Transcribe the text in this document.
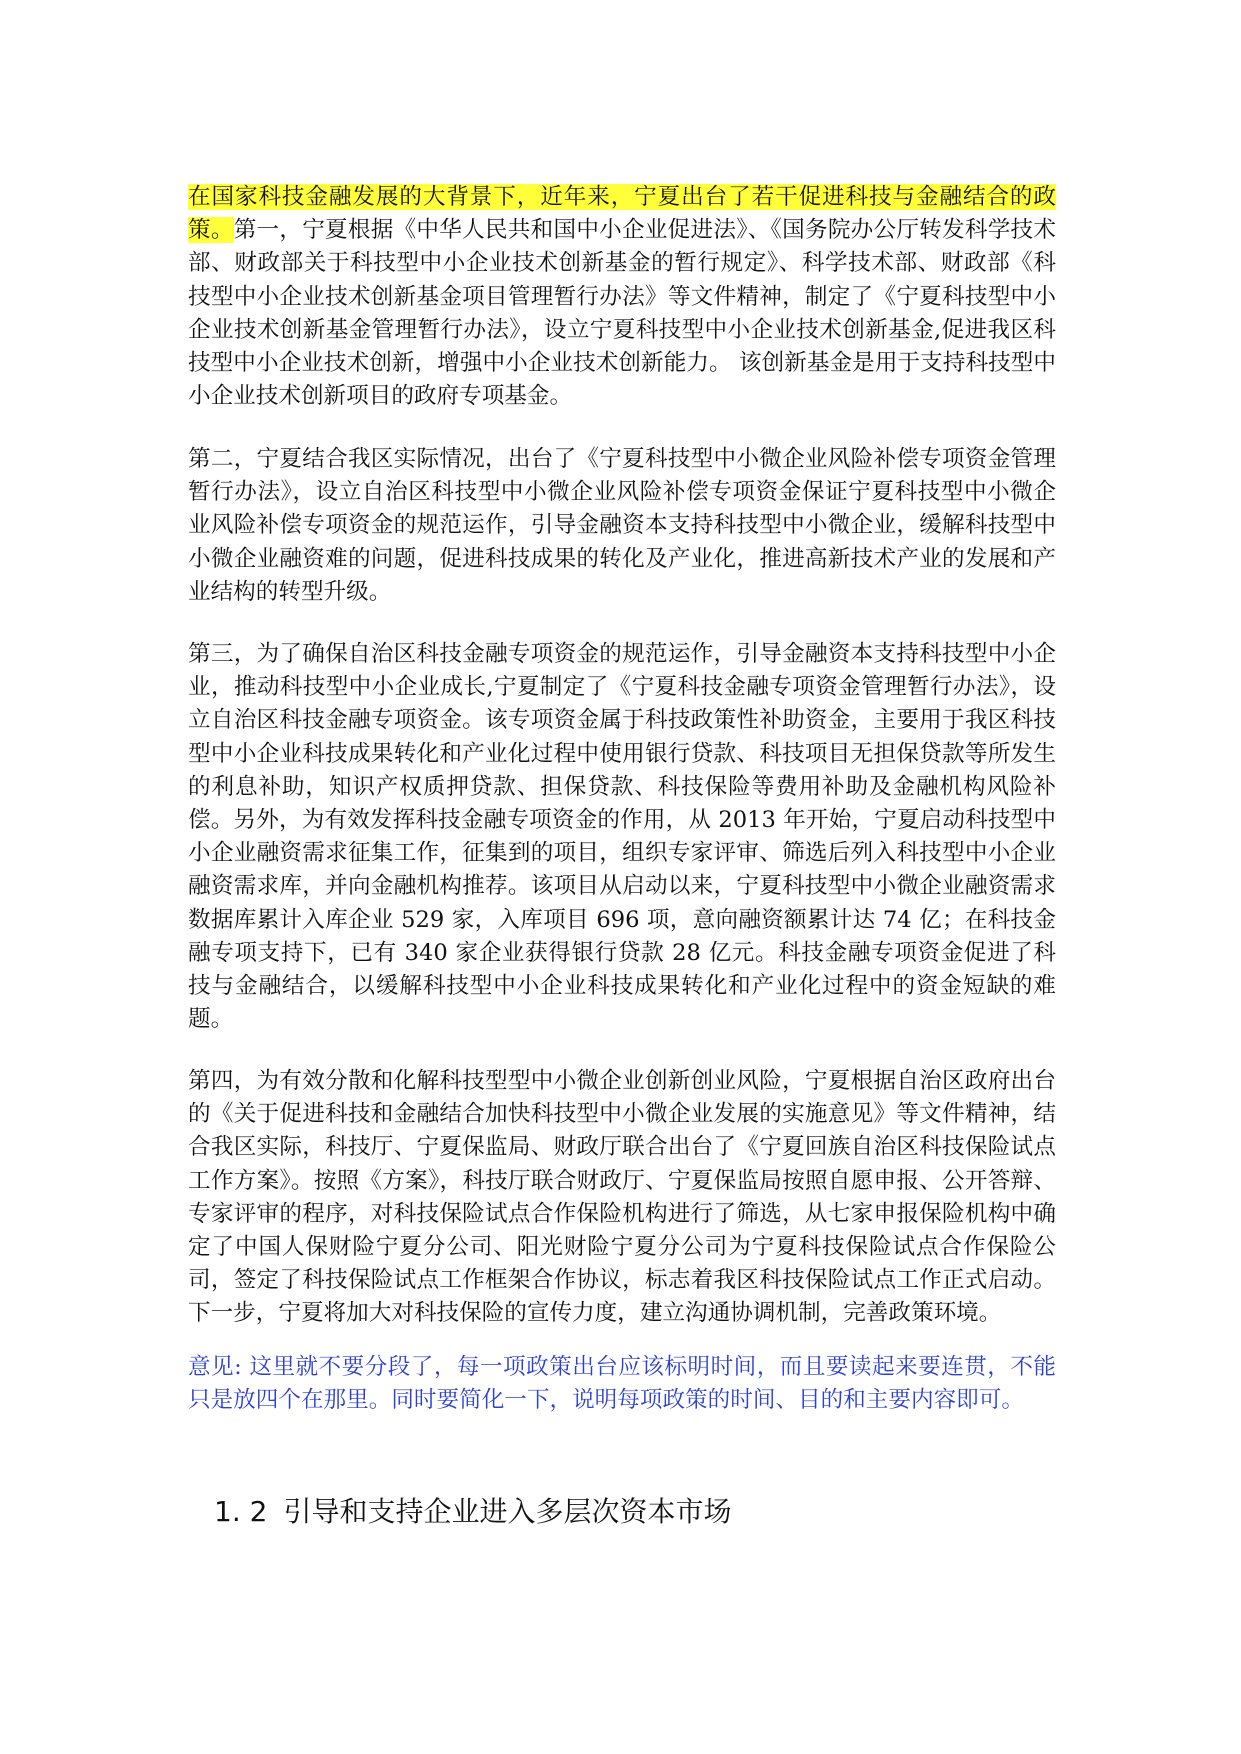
在国家科技金融发展的大背景下，近年来，宁夏出台了若干促进科技与金融结合的政策。第一，宁夏根据《中华人民共和国中小企业促进法》、《国务院办公厅转发科学技术部、财政部关于科技型中小企业技术创新基金的暂行规定》、科学技术部、财政部《科技型中小企业技术创新基金项目管理暂行办法》等文件精神，制定了《宁夏科技型中小企业技术创新基金管理暂行办法》，设立宁夏科技型中小企业技术创新基金,促进我区科技型中小企业技术创新，增强中小企业技术创新能力。 该创新基金是用于支持科技型中小企业技术创新项目的政府专项基金。

第二，宁夏结合我区实际情况，出台了《宁夏科技型中小微企业风险补偿专项资金管理暂行办法》，设立自治区科技型中小微企业风险补偿专项资金保证宁夏科技型中小微企业风险补偿专项资金的规范运作，引导金融资本支持科技型中小微企业，缓解科技型中小微企业融资难的问题，促进科技成果的转化及产业化，推进高新技术产业的发展和产业结构的转型升级。

第三，为了确保自治区科技金融专项资金的规范运作，引导金融资本支持科技型中小企业，推动科技型中小企业成长,宁夏制定了《宁夏科技金融专项资金管理暂行办法》，设立自治区科技金融专项资金。该专项资金属于科技政策性补助资金，主要用于我区科技型中小企业科技成果转化和产业化过程中使用银行贷款、科技项目无担保贷款等所发生的利息补助，知识产权质押贷款、担保贷款、科技保险等费用补助及金融机构风险补偿。另外，为有效发挥科技金融专项资金的作用，从 2013 年开始，宁夏启动科技型中小企业融资需求征集工作，征集到的项目，组织专家评审、筛选后列入科技型中小企业融资需求库，并向金融机构推荐。该项目从启动以来，宁夏科技型中小微企业融资需求数据库累计入库企业 529 家，入库项目 696 项，意向融资额累计达 74 亿；在科技金融专项支持下，已有 340 家企业获得银行贷款 28 亿元。科技金融专项资金促进了科技与金融结合，以缓解科技型中小企业科技成果转化和产业化过程中的资金短缺的难题。

第四，为有效分散和化解科技型型中小微企业创新创业风险，宁夏根据自治区政府出台的《关于促进科技和金融结合加快科技型中小微企业发展的实施意见》等文件精神，结合我区实际，科技厅、宁夏保监局、财政厅联合出台了《宁夏回族自治区科技保险试点工作方案》。按照《方案》，科技厅联合财政厅、宁夏保监局按照自愿申报、公开答辩、专家评审的程序，对科技保险试点合作保险机构进行了筛选，从七家申报保险机构中确定了中国人保财险宁夏分公司、阳光财险宁夏分公司为宁夏科技保险试点合作保险公司，签定了科技保险试点工作框架合作协议，标志着我区科技保险试点工作正式启动。下一步，宁夏将加大对科技保险的宣传力度，建立沟通协调机制，完善政策环境。

意见: 这里就不要分段了，每一项政策出台应该标明时间，而且要读起来要连贯，不能只是放四个在那里。同时要简化一下，说明每项政策的时间、目的和主要内容即可。

1. 2 引导和支持企业进入多层次资本市场
